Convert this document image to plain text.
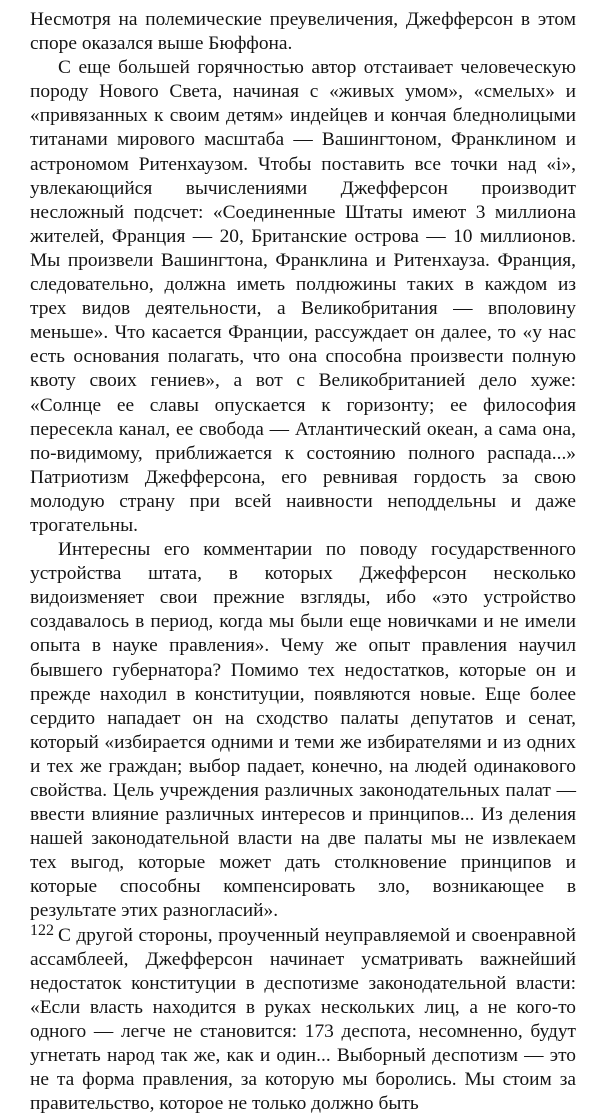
Несмотря на полемические преувеличения, Джефферсон в этом споре оказался выше Бюффона.

С еще большей горячностью автор отстаивает человеческую породу Нового Света, начиная с «живых умом», «смелых» и «привязанных к своим детям» индейцев и кончая бледнолицыми титанами мирового масштаба — Вашингтоном, Франклином и астрономом Ритенхаузом. Чтобы поставить все точки над «i», увлекающийся вычислениями Джефферсон производит несложный подсчет: «Соединенные Штаты имеют 3 миллиона жителей, Франция — 20, Британские острова — 10 миллионов. Мы произвели Вашингтона, Франклина и Ритенхауза. Франция, следовательно, должна иметь полдюжины таких в каждом из трех видов деятельности, а Великобритания — вполовину меньше». Что касается Франции, рассуждает он далее, то «у нас есть основания полагать, что она способна произвести полную квоту своих гениев», а вот с Великобританией дело хуже: «Солнце ее славы опускается к горизонту; ее философия пересекла канал, ее свобода — Атлантический океан, а сама она, по-видимому, приближается к состоянию полного распада...» Патриотизм Джефферсона, его ревнивая гордость за свою молодую страну при всей наивности неподдельны и даже трогательны.

Интересны его комментарии по поводу государственного устройства штата, в которых Джефферсон несколько видоизменяет свои прежние взгляды, ибо «это устройство создавалось в период, когда мы были еще новичками и не имели опыта в науке правления». Чему же опыт правления научил бывшего губернатора? Помимо тех недостатков, которые он и прежде находил в конституции, появляются новые. Еще более сердито нападает он на сходство палаты депутатов и сенат, который «избирается одними и теми же избирателями и из одних и тех же граждан; выбор падает, конечно, на людей одинакового свойства. Цель учреждения различных законодательных палат — ввести влияние различных интересов и принципов... Из деления нашей законодательной власти на две палаты мы не извлекаем тех выгод, которые может дать столкновение принципов и которые способны компенсировать зло, возникающее в результате этих разногласий».

С другой стороны, проученный неуправляемой и своенравной ассамблеей, Джефферсон начинает усматривать важнейший недостаток конституции в деспотизме законодательной власти: «Если власть находится в руках нескольких лиц, а не кого-то одного — легче не становится: 173 деспота, несомненно, будут угнетать народ так же, как и один... Выборный деспотизм — это не та форма правления, за которую мы боролись. Мы стоим за правительство, которое не только должно быть

122
